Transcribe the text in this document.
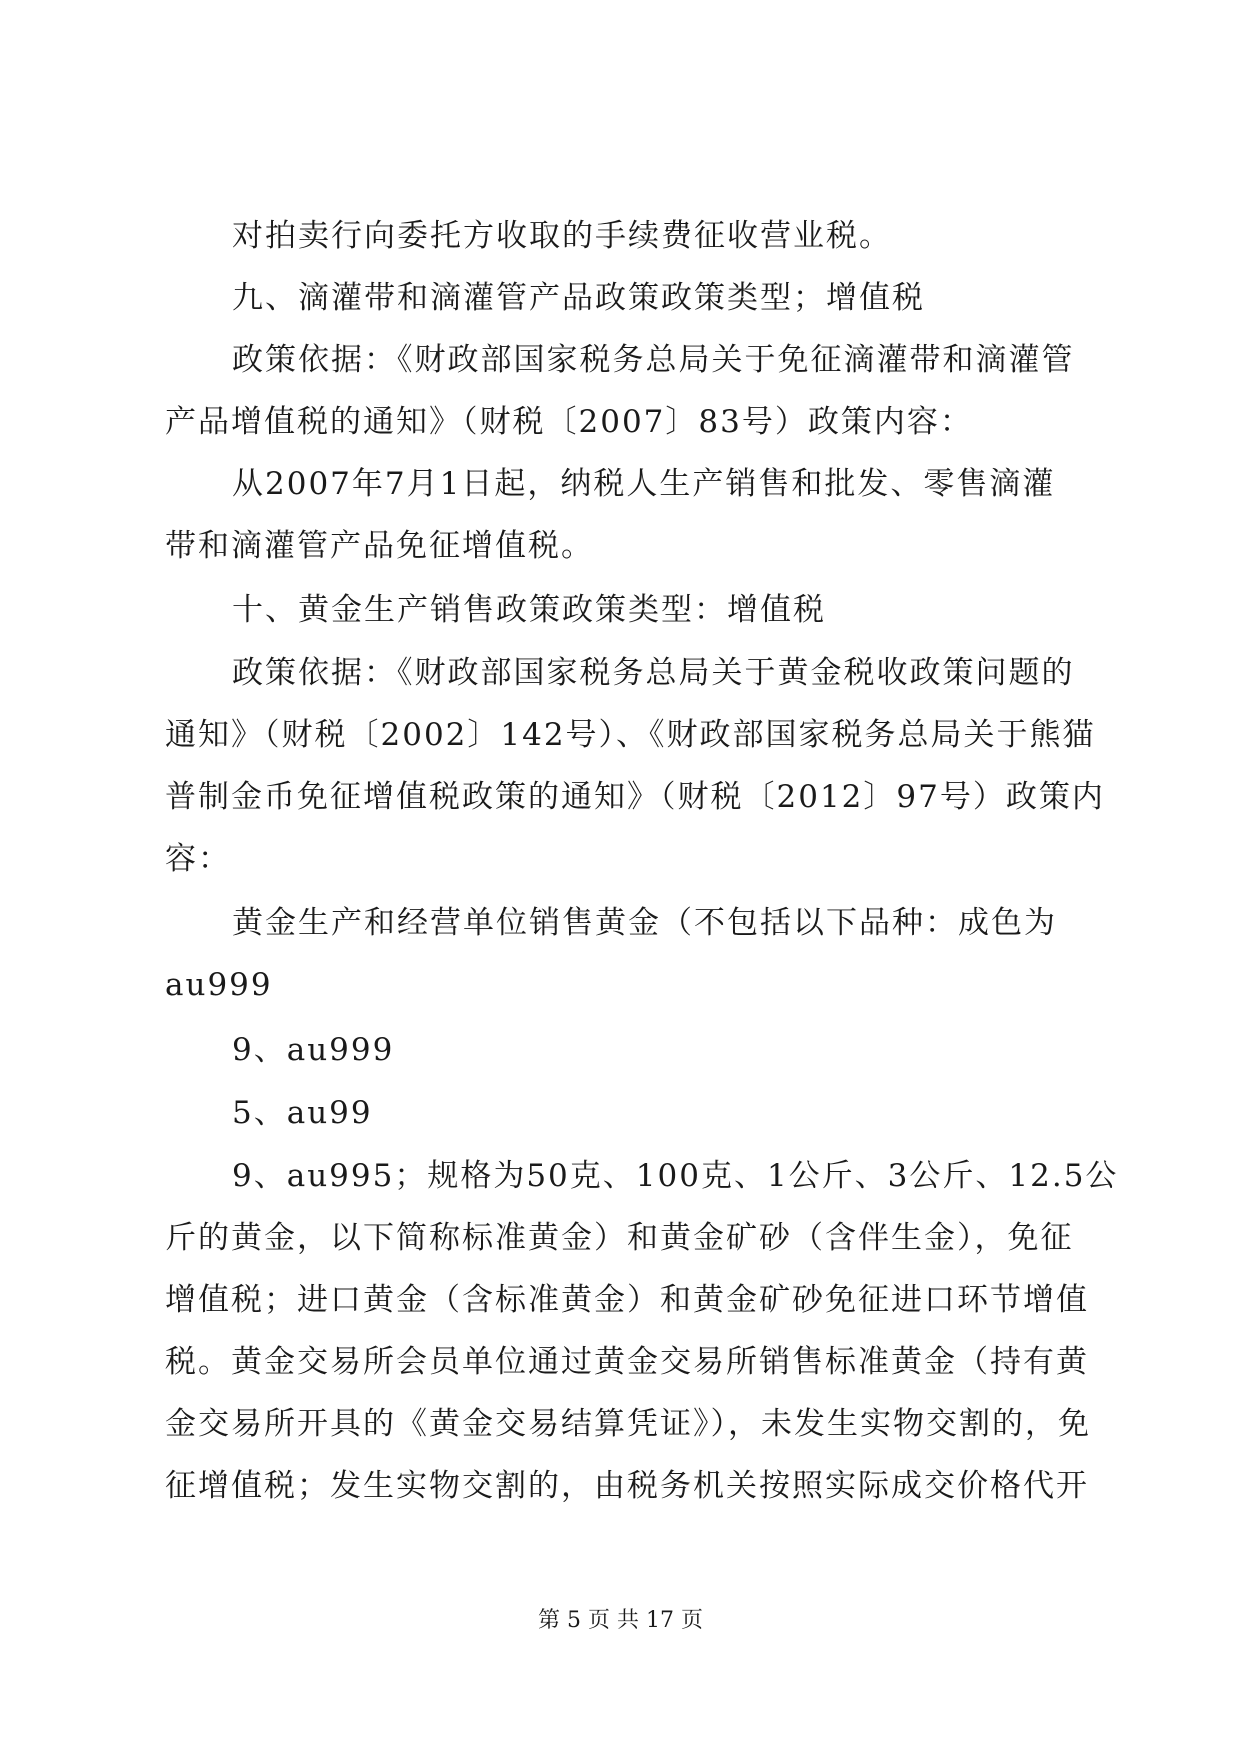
对拍卖行向委托方收取的手续费征收营业税。
九、滴灌带和滴灌管产品政策政策类型；增值税
政策依据：《财政部国家税务总局关于免征滴灌带和滴灌管
产品增值税的通知》（财税〔2007〕83号）政策内容：
从2007年7月1日起，纳税人生产销售和批发、零售滴灌
带和滴灌管产品免征增值税。
十、黄金生产销售政策政策类型：增值税
政策依据：《财政部国家税务总局关于黄金税收政策问题的
通知》（财税〔2002〕142号）、《财政部国家税务总局关于熊猫
普制金币免征增值税政策的通知》（财税〔2012〕97号）政策内
容：
黄金生产和经营单位销售黄金（不包括以下品种：成色为
au999
9、au999
5、au99
9、au995；规格为50克、100克、1公斤、3公斤、12.5公
斤的黄金，以下简称标准黄金）和黄金矿砂（含伴生金），免征
增值税；进口黄金（含标准黄金）和黄金矿砂免征进口环节增值
税。黄金交易所会员单位通过黄金交易所销售标准黄金（持有黄
金交易所开具的《黄金交易结算凭证》），未发生实物交割的，免
征增值税；发生实物交割的，由税务机关按照实际成交价格代开
第 5 页 共 17 页
